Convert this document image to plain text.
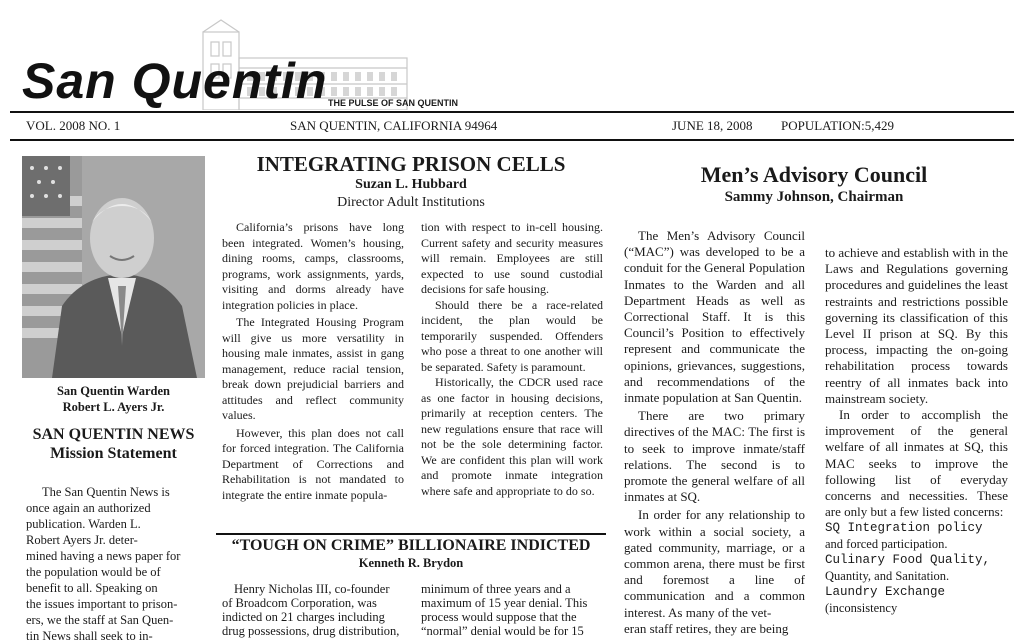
San Quentin THE PULSE OF SAN QUENTIN
VOL. 2008 NO. 1	SAN QUENTIN, CALIFORNIA 94964	JUNE 18, 2008 POPULATION:5,429
San Quentin Warden
Robert L. Ayers Jr.
SAN QUENTIN NEWS
Mission Statement
The San Quentin News is
once again an authorized
publication. Warden L.
Robert Ayers Jr. deter-
mined having a news paper for
the population would be of
benefit to all. Speaking on
the issues important to prison-
ers, we the staff at San Quen-
tin News shall seek to in-
INTEGRATING PRISON CELLS
Suzan L. Hubbard
Director Adult Institutions

California’s prisons have long been integrated. Women’s housing, dining rooms, camps, classrooms, programs, work assignments, yards, visiting and dorms already have integration policies in place.

The Integrated Housing Program will give us more versatility in housing male inmates, assist in gang management, reduce racial tension, break down prejudicial barriers and attitudes and reflect community values.

However, this plan does not call for forced integration. The California Department of Corrections and Rehabilitation is not mandated to integrate the entire inmate popula-

tion with respect to in-cell housing. Current safety and security measures will remain. Employees are still expected to use sound custodial decisions for safe housing.

Should there be a race-related incident, the plan would be temporarily suspended. Offenders who pose a threat to one another will be separated. Safety is paramount.

Historically, the CDCR used race as one factor in housing decisions, primarily at reception centers. The new regulations ensure that race will not be the sole determining factor. We are confident this plan will work and promote inmate integration where safe and appropriate to do so.

“TOUGH ON CRIME” BILLIONAIRE INDICTED
Kenneth R. Brydon
Henry Nicholas III, co-founder
of Broadcom Corporation, was
indicted on 21 charges including
drug possessions, drug distribution,
minimum of three years and a
maximum of 15 year denial. This
process would suppose that the
“normal” denial would be for 15
Men’s Advisory Council
Sammy Johnson, Chairman

The Men’s Advisory Council (“MAC”) was developed to be a conduit for the General Population Inmates to the Warden and all Department Heads as well as Correctional Staff. It is this Council’s Position to effectively represent and communicate the opinions, grievances, suggestions, and recommendations of the inmate population at San Quentin.

There are two primary directives of the MAC: The first is to seek to improve inmate/staff relations. The second is to promote the general welfare of all inmates at SQ.

In order for any relationship to work within a social society, a gated community, marriage, or a common arena, there must be first and foremost a line of communication and a common interest. As many of the vet-

eran staff retires, they are being

to achieve and establish with in the Laws and Regulations governing procedures and guidelines the least restraints and restrictions possible governing its classification of this Level II prison at SQ. By this process, impacting the on-going rehabilitation process towards reentry of all inmates back into mainstream society.

In order to accomplish the improvement of the general welfare of all inmates at SQ, this MAC seeks to improve the following list of everyday concerns and necessities. These are only but a few listed concerns:

SQ Integration policy
and forced participation.
Culinary Food Quality,
Quantity, and Sanitation.
Laundry Exchange
(inconsistency
